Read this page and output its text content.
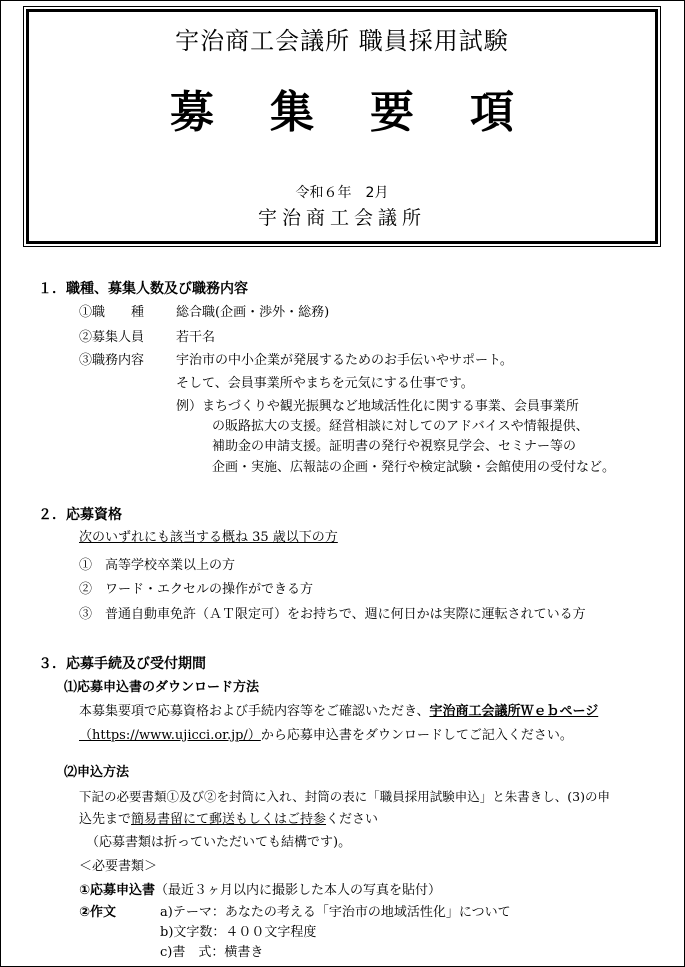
宇治商工会議所 職員採用試験
募集要項
令和６年　2月
宇治商工会議所
１．職種、募集人数及び職務内容
①職　　種 総合職(企画・渉外・総務)
②募集人員 若干名
③職務内容 宇治市の中小企業が発展するためのお手伝いやサポート。
そして、会員事業所やまちを元気にする仕事です。
例）まちづくりや観光振興など地域活性化に関する事業、会員事業所
の販路拡大の支援。経営相談に対してのアドバイスや情報提供、
補助金の申請支援。証明書の発行や視察見学会、セミナー等の
企画・実施、広報誌の企画・発行や検定試験・会館使用の受付など。
２．応募資格
次のいずれにも該当する概ね 35 歳以下の方
①　高等学校卒業以上の方
②　ワード・エクセルの操作ができる方
③　普通自動車免許（ＡＴ限定可）をお持ちで、週に何日かは実際に運転されている方
３．応募手続及び受付期間
⑴応募申込書のダウンロード方法
本募集要項で応募資格および手続内容等をご確認いただき、宇治商工会議所Ｗｅｂページ
（https://www.ujicci.or.jp/）から応募申込書をダウンロードしてご記入ください。
⑵申込方法
下記の必要書類①及び②を封筒に入れ、封筒の表に「職員採用試験申込」と朱書きし、(3)の申
込先まで簡易書留にて郵送もしくはご持参ください
（応募書類は折っていただいても結構です)。
＜必要書類＞
①応募申込書（最近３ヶ月以内に撮影した本人の写真を貼付）
②作文	a)テーマ：あなたの考える「宇治市の地域活性化」について
b)文字数：４００文字程度
c)書　式：横書き
